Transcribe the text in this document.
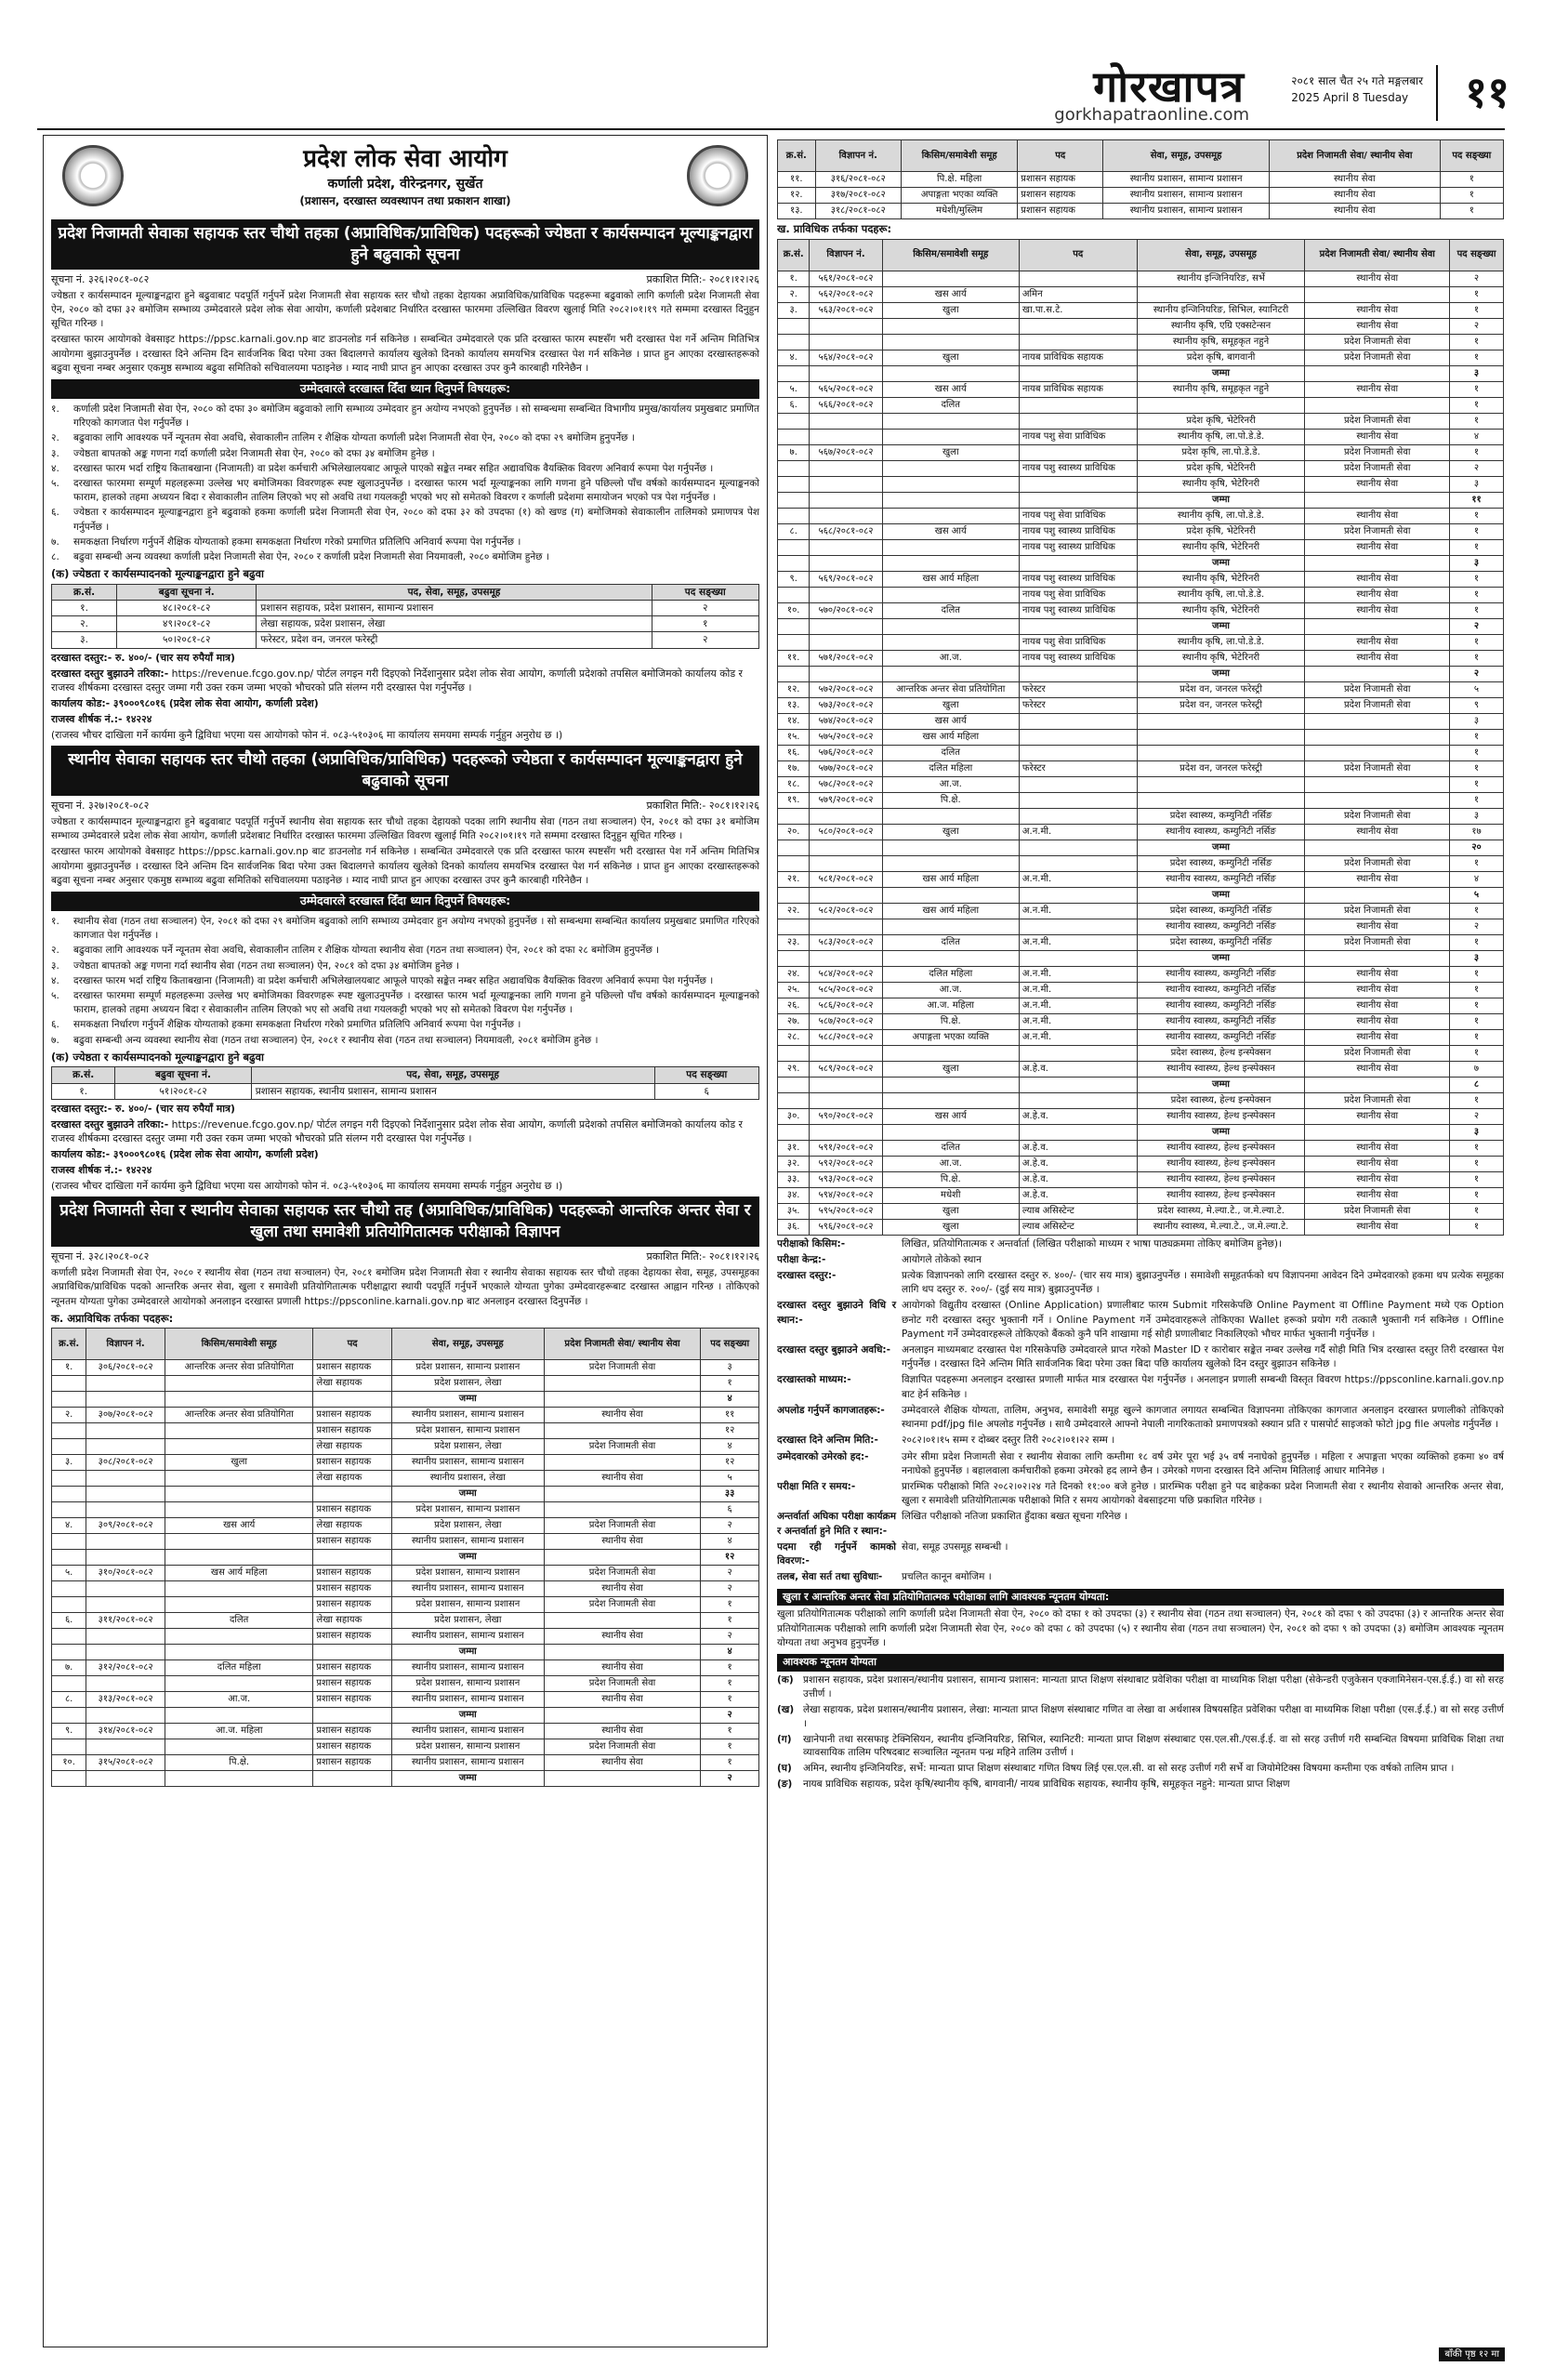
गोरखापत्र
gorkhapatraonline.com
२०८१ साल चैत २५ गते मङ्गलबार
2025 April 8 Tuesday	११
प्रदेश लोक सेवा आयोग
कर्णाली प्रदेश, वीरेन्द्रनगर, सुर्खेत
(प्रशासन, दरखास्त व्यवस्थापन तथा प्रकाशन शाखा)
प्रदेश निजामती सेवाका सहायक स्तर चौथो तहका (अप्राविधिक/प्राविधिक) पदहरूको ज्येष्ठता र कार्यसम्पादन मूल्याङ्कनद्वारा हुने बढुवाको सूचना
सूचना नं. ३२६।२०८१-०८२	प्रकाशित मिति:- २०८१।१२।२६
ज्येष्ठता र कार्यसम्पादन मूल्याङ्कनद्वारा हुने बढुवाबाट पदपूर्ति गर्नुपर्ने प्रदेश निजामती सेवा सहायक स्तर चौथो तहका देहायका अप्राविधिक/प्राविधिक पदहरूमा बढुवाको लागि कर्णाली प्रदेश निजामती सेवा ऐन, २०८० को दफा ३२ बमोजिम सम्भाव्य उम्मेदवारले प्रदेश लोक सेवा आयोग, कर्णाली प्रदेशबाट निर्धारित दरखास्त फारममा उल्लिखित विवरण खुलाई मिति २०८२।०१।१९ गते सम्ममा दरखास्त दिनुहुन सूचित गरिन्छ ।
दरखास्त फारम आयोगको वेबसाइट https://ppsc.karnali.gov.np बाट डाउनलोड गर्न सकिनेछ । सम्बन्धित उम्मेदवारले एक प्रति दरखास्त फारम स्पष्टसँग भरी दरखास्त पेश गर्ने अन्तिम मितिभित्र आयोगमा बुझाउनुपर्नेछ । दरखास्त दिने अन्तिम दिन सार्वजनिक बिदा परेमा उक्त बिदालगत्ते कार्यालय खुलेको दिनको कार्यालय समयभित्र दरखास्त पेश गर्न सकिनेछ । प्राप्त हुन आएका दरखास्तहरूको बढुवा सूचना नम्बर अनुसार एकमुष्ठ सम्भाव्य बढुवा समितिको सचिवालयमा पठाइनेछ । म्याद नाघी प्राप्त हुन आएका दरखास्त उपर कुनै कारबाही गरिनेछैन ।
उम्मेदवारले दरखास्त दिँदा ध्यान दिनुपर्ने विषयहरू:
१.	कर्णाली प्रदेश निजामती सेवा ऐन, २०८० को दफा ३० बमोजिम बढुवाको लागि सम्भाव्य उम्मेदवार हुन अयोग्य नभएको हुनुपर्नेछ । सो सम्बन्धमा सम्बन्धित विभागीय प्रमुख/कार्यालय प्रमुखबाट प्रमाणित गरिएको कागजात पेश गर्नुपर्नेछ ।
२.	बढुवाका लागि आवश्यक पर्ने न्यूनतम सेवा अवधि, सेवाकालीन तालिम र शैक्षिक योग्यता कर्णाली प्रदेश निजामती सेवा ऐन, २०८० को दफा २९ बमोजिम हुनुपर्नेछ ।
३.	ज्येष्ठता बापतको अङ्क गणना गर्दा कर्णाली प्रदेश निजामती सेवा ऐन, २०८० को दफा ३४ बमोजिम हुनेछ ।
४.	दरखास्त फारम भर्दा राष्ट्रिय किताबखाना (निजामती) वा प्रदेश कर्मचारी अभिलेखालयबाट आफूले पाएको सङ्केत नम्बर सहित अद्यावधिक वैयक्तिक विवरण अनिवार्य रूपमा पेश गर्नुपर्नेछ ।
५.	दरखास्त फारममा सम्पूर्ण महलहरूमा उल्लेख भए बमोजिमका विवरणहरू स्पष्ट खुलाउनुपर्नेछ । दरखास्त फारम भर्दा मूल्याङ्कनका लागि गणना हुने पछिल्लो पाँच वर्षको कार्यसम्पादन मूल्याङ्कनको फाराम, हालको तहमा अध्ययन बिदा र सेवाकालीन तालिम लिएको भए सो अवधि तथा गयलकट्टी भएको भए सो समेतको विवरण र कर्णाली प्रदेशमा समायोजन भएको पत्र पेश गर्नुपर्नेछ ।
६.	ज्येष्ठता र कार्यसम्पादन मूल्याङ्कनद्वारा हुने बढुवाको हकमा कर्णाली प्रदेश निजामती सेवा ऐन, २०८० को दफा ३२ को उपदफा (१) को खण्ड (ग) बमोजिमको सेवाकालीन तालिमको प्रमाणपत्र पेश गर्नुपर्नेछ ।
७.	समकक्षता निर्धारण गर्नुपर्ने शैक्षिक योग्यताको हकमा समकक्षता निर्धारण गरेको प्रमाणित प्रतिलिपि अनिवार्य रूपमा पेश गर्नुपर्नेछ ।
८.	बढुवा सम्बन्धी अन्य व्यवस्था कर्णाली प्रदेश निजामती सेवा ऐन, २०८० र कर्णाली प्रदेश निजामती सेवा नियमावली, २०८० बमोजिम हुनेछ ।
(क) ज्येष्ठता र कार्यसम्पादनको मूल्याङ्कनद्वारा हुने बढुवा
क्र.सं.	बढुवा सूचना नं.	पद, सेवा, समूह, उपसमूह	पद सङ्ख्या
१.	४८।२०८१-८२	प्रशासन सहायक, प्रदेश प्रशासन, सामान्य प्रशासन	२
२.	४९।२०८१-८२	लेखा सहायक, प्रदेश प्रशासन, लेखा	१
३.	५०।२०८१-८२	फरेस्टर, प्रदेश वन, जनरल फरेस्ट्री	२
दरखास्त दस्तुर:- रु. ४००/- (चार सय रुपैयाँ मात्र)
दरखास्त दस्तुर बुझाउने तरिका:- https://revenue.fcgo.gov.np/ पोर्टल लगइन गरी दिइएको निर्देशानुसार प्रदेश लोक सेवा आयोग, कर्णाली प्रदेशको तपसिल बमोजिमको कार्यालय कोड र राजस्व शीर्षकमा दरखास्त दस्तुर जम्मा गरी उक्त रकम जम्मा भएको भौचरको प्रति संलग्न गरी दरखास्त पेश गर्नुपर्नेछ ।
कार्यालय कोड:- ३९०००९८०१६ (प्रदेश लोक सेवा आयोग, कर्णाली प्रदेश)
राजस्व शीर्षक नं.:- १४२२४
(राजस्व भौचर दाखिला गर्ने कार्यमा कुनै द्विविधा भएमा यस आयोगको फोन नं. ०८३-५१०३०६ मा कार्यालय समयमा सम्पर्क गर्नुहुन अनुरोध छ ।)
स्थानीय सेवाका सहायक स्तर चौथो तहका (अप्राविधिक/प्राविधिक) पदहरूको ज्येष्ठता र कार्यसम्पादन मूल्याङ्कनद्वारा हुने बढुवाको सूचना
सूचना नं. ३२७।२०८१-०८२	प्रकाशित मिति:- २०८१।१२।२६
ज्येष्ठता र कार्यसम्पादन मूल्याङ्कनद्वारा हुने बढुवाबाट पदपूर्ति गर्नुपर्ने स्थानीय सेवा सहायक स्तर चौथो तहका देहायको पदका लागि स्थानीय सेवा (गठन तथा सञ्चालन) ऐन, २०८१ को दफा ३१ बमोजिम सम्भाव्य उम्मेदवारले प्रदेश लोक सेवा आयोग, कर्णाली प्रदेशबाट निर्धारित दरखास्त फारममा उल्लिखित विवरण खुलाई मिति २०८२।०१।१९ गते सम्ममा दरखास्त दिनुहुन सूचित गरिन्छ ।
दरखास्त फारम आयोगको वेबसाइट https://ppsc.karnali.gov.np बाट डाउनलोड गर्न सकिनेछ । सम्बन्धित उम्मेदवारले एक प्रति दरखास्त फारम स्पष्टसँग भरी दरखास्त पेश गर्ने अन्तिम मितिभित्र आयोगमा बुझाउनुपर्नेछ । दरखास्त दिने अन्तिम दिन सार्वजनिक बिदा परेमा उक्त बिदालगत्ते कार्यालय खुलेको दिनको कार्यालय समयभित्र दरखास्त पेश गर्न सकिनेछ । प्राप्त हुन आएका दरखास्तहरूको बढुवा सूचना नम्बर अनुसार एकमुष्ठ सम्भाव्य बढुवा समितिको सचिवालयमा पठाइनेछ । म्याद नाघी प्राप्त हुन आएका दरखास्त उपर कुनै कारबाही गरिनेछैन ।
उम्मेदवारले दरखास्त दिँदा ध्यान दिनुपर्ने विषयहरू:
१.	स्थानीय सेवा (गठन तथा सञ्चालन) ऐन, २०८१ को दफा २९ बमोजिम बढुवाको लागि सम्भाव्य उम्मेदवार हुन अयोग्य नभएको हुनुपर्नेछ । सो सम्बन्धमा सम्बन्धित कार्यालय प्रमुखबाट प्रमाणित गरिएको कागजात पेश गर्नुपर्नेछ ।
२.	बढुवाका लागि आवश्यक पर्ने न्यूनतम सेवा अवधि, सेवाकालीन तालिम र शैक्षिक योग्यता स्थानीय सेवा (गठन तथा सञ्चालन) ऐन, २०८१ को दफा २८ बमोजिम हुनुपर्नेछ ।
३.	ज्येष्ठता बापतको अङ्क गणना गर्दा स्थानीय सेवा (गठन तथा सञ्चालन) ऐन, २०८१ को दफा ३४ बमोजिम हुनेछ ।
४.	दरखास्त फारम भर्दा राष्ट्रिय किताबखाना (निजामती) वा प्रदेश कर्मचारी अभिलेखालयबाट आफूले पाएको सङ्केत नम्बर सहित अद्यावधिक वैयक्तिक विवरण अनिवार्य रूपमा पेश गर्नुपर्नेछ ।
५.	दरखास्त फारममा सम्पूर्ण महलहरूमा उल्लेख भए बमोजिमका विवरणहरू स्पष्ट खुलाउनुपर्नेछ । दरखास्त फारम भर्दा मूल्याङ्कनका लागि गणना हुने पछिल्लो पाँच वर्षको कार्यसम्पादन मूल्याङ्कनको फाराम, हालको तहमा अध्ययन बिदा र सेवाकालीन तालिम लिएको भए सो अवधि तथा गयलकट्टी भएको भए सो समेतको विवरण पेश गर्नुपर्नेछ ।
६.	समकक्षता निर्धारण गर्नुपर्ने शैक्षिक योग्यताको हकमा समकक्षता निर्धारण गरेको प्रमाणित प्रतिलिपि अनिवार्य रूपमा पेश गर्नुपर्नेछ ।
७.	बढुवा सम्बन्धी अन्य व्यवस्था स्थानीय सेवा (गठन तथा सञ्चालन) ऐन, २०८१ र स्थानीय सेवा (गठन तथा सञ्चालन) नियमावली, २०८१ बमोजिम हुनेछ ।
(क) ज्येष्ठता र कार्यसम्पादनको मूल्याङ्कनद्वारा हुने बढुवा
क्र.सं.	बढुवा सूचना नं.	पद, सेवा, समूह, उपसमूह	पद सङ्ख्या
१.	५१।२०८१-८२	प्रशासन सहायक, स्थानीय प्रशासन, सामान्य प्रशासन	६
दरखास्त दस्तुर:- रु. ४००/- (चार सय रुपैयाँ मात्र)
दरखास्त दस्तुर बुझाउने तरिका:- https://revenue.fcgo.gov.np/ पोर्टल लगइन गरी दिइएको निर्देशानुसार प्रदेश लोक सेवा आयोग, कर्णाली प्रदेशको तपसिल बमोजिमको कार्यालय कोड र राजस्व शीर्षकमा दरखास्त दस्तुर जम्मा गरी उक्त रकम जम्मा भएको भौचरको प्रति संलग्न गरी दरखास्त पेश गर्नुपर्नेछ ।
कार्यालय कोड:- ३९०००९८०१६ (प्रदेश लोक सेवा आयोग, कर्णाली प्रदेश)
राजस्व शीर्षक नं.:- १४२२४
(राजस्व भौचर दाखिला गर्ने कार्यमा कुनै द्विविधा भएमा यस आयोगको फोन नं. ०८३-५१०३०६ मा कार्यालय समयमा सम्पर्क गर्नुहुन अनुरोध छ ।)
प्रदेश निजामती सेवा र स्थानीय सेवाका सहायक स्तर चौथो तह (अप्राविधिक/प्राविधिक) पदहरूको आन्तरिक अन्तर सेवा र खुला तथा समावेशी प्रतियोगितात्मक परीक्षाको विज्ञापन
सूचना नं. ३२८।२०८१-०८२	प्रकाशित मिति:- २०८१।१२।२६
कर्णाली प्रदेश निजामती सेवा ऐन, २०८० र स्थानीय सेवा (गठन तथा सञ्चालन) ऐन, २०८१ बमोजिम प्रदेश निजामती सेवा र स्थानीय सेवाका सहायक स्तर चौथो तहका देहायका सेवा, समूह, उपसमूहका अप्राविधिक/प्राविधिक पदको आन्तरिक अन्तर सेवा, खुला र समावेशी प्रतियोगितात्मक परीक्षाद्वारा स्थायी पदपूर्ति गर्नुपर्ने भएकाले योग्यता पुगेका उम्मेदवारहरूबाट दरखास्त आह्वान गरिन्छ । तोकिएको न्यूनतम योग्यता पुगेका उम्मेदवारले आयोगको अनलाइन दरखास्त प्रणाली https://ppsconline.karnali.gov.np बाट अनलाइन दरखास्त दिनुपर्नेछ ।
क. अप्राविधिक तर्फका पदहरू:
क्र.सं.	विज्ञापन नं.	किसिम/समावेशी समूह	पद	सेवा, समूह, उपसमूह	प्रदेश निजामती सेवा/ स्थानीय सेवा	पद सङ्ख्या
१.	३०६/२०८१-०८२	आन्तरिक अन्तर सेवा प्रतियोगिता	प्रशासन सहायक	प्रदेश प्रशासन, सामान्य प्रशासन	प्रदेश निजामती सेवा	३
			लेखा सहायक	प्रदेश प्रशासन, लेखा		१
				जम्मा		४
२.	३०७/२०८१-०८२	आन्तरिक अन्तर सेवा प्रतियोगिता	प्रशासन सहायक	स्थानीय प्रशासन, सामान्य प्रशासन	स्थानीय सेवा	११
			प्रशासन सहायक	प्रदेश प्रशासन, सामान्य प्रशासन		१२
			लेखा सहायक	प्रदेश प्रशासन, लेखा	प्रदेश निजामती सेवा	४
३.	३०८/२०८१-०८२	खुला	प्रशासन सहायक	स्थानीय प्रशासन, सामान्य प्रशासन		१२
			लेखा सहायक	स्थानीय प्रशासन, लेखा	स्थानीय सेवा	५
				जम्मा		३३
			प्रशासन सहायक	प्रदेश प्रशासन, सामान्य प्रशासन		६
४.	३०९/२०८१-०८२	खस आर्य	लेखा सहायक	प्रदेश प्रशासन, लेखा	प्रदेश निजामती सेवा	२
			प्रशासन सहायक	स्थानीय प्रशासन, सामान्य प्रशासन	स्थानीय सेवा	४
				जम्मा		१२
५.	३१०/२०८१-०८२	खस आर्य महिला	प्रशासन सहायक	प्रदेश प्रशासन, सामान्य प्रशासन	प्रदेश निजामती सेवा	२
			प्रशासन सहायक	स्थानीय प्रशासन, सामान्य प्रशासन	स्थानीय सेवा	२
			प्रशासन सहायक	प्रदेश प्रशासन, सामान्य प्रशासन	प्रदेश निजामती सेवा	१
६.	३११/२०८१-०८२	दलित	लेखा सहायक	प्रदेश प्रशासन, लेखा		१
			प्रशासन सहायक	स्थानीय प्रशासन, सामान्य प्रशासन	स्थानीय सेवा	२
				जम्मा		४
७.	३१२/२०८१-०८२	दलित महिला	प्रशासन सहायक	स्थानीय प्रशासन, सामान्य प्रशासन	स्थानीय सेवा	१
			प्रशासन सहायक	प्रदेश प्रशासन, सामान्य प्रशासन	प्रदेश निजामती सेवा	१
८.	३१३/२०८१-०८२	आ.ज.	प्रशासन सहायक	स्थानीय प्रशासन, सामान्य प्रशासन	स्थानीय सेवा	१
				जम्मा		२
९.	३१४/२०८१-०८२	आ.ज. महिला	प्रशासन सहायक	स्थानीय प्रशासन, सामान्य प्रशासन	स्थानीय सेवा	१
			प्रशासन सहायक	प्रदेश प्रशासन, सामान्य प्रशासन	प्रदेश निजामती सेवा	१
१०.	३१५/२०८१-०८२	पि.क्षे.	प्रशासन सहायक	स्थानीय प्रशासन, सामान्य प्रशासन	स्थानीय सेवा	१
				जम्मा		२
क्र.सं.	विज्ञापन नं.	किसिम/समावेशी समूह	पद	सेवा, समूह, उपसमूह	प्रदेश निजामती सेवा/ स्थानीय सेवा	पद सङ्ख्या
११.	३१६/२०८१-०८२	पि.क्षे. महिला	प्रशासन सहायक	स्थानीय प्रशासन, सामान्य प्रशासन	स्थानीय सेवा	१
१२.	३१७/२०८१-०८२	अपाङ्गता भएका व्यक्ति	प्रशासन सहायक	स्थानीय प्रशासन, सामान्य प्रशासन	स्थानीय सेवा	१
१३.	३१८/२०८१-०८२	मधेशी/मुस्लिम	प्रशासन सहायक	स्थानीय प्रशासन, सामान्य प्रशासन	स्थानीय सेवा	१
ख. प्राविधिक तर्फका पदहरू:
क्र.सं.	विज्ञापन नं.	किसिम/समावेशी समूह	पद	सेवा, समूह, उपसमूह	प्रदेश निजामती सेवा/ स्थानीय सेवा	पद सङ्ख्या
१.	५६१/२०८१-०८२			स्थानीय इन्जिनियरिङ, सर्भे	स्थानीय सेवा	२
२.	५६२/२०८१-०८२	खस आर्य	अमिन			१
३.	५६३/२०८१-०८२	खुला	खा.पा.स.टे.	स्थानीय इन्जिनियरिङ, सिभिल, स्यानिटरी	स्थानीय सेवा	१
				स्थानीय कृषि, एग्रि एक्सटेन्सन	स्थानीय सेवा	२
				स्थानीय कृषि, समूहकृत नहुने	प्रदेश निजामती सेवा	१
४.	५६४/२०८१-०८२	खुला	नायब प्राविधिक सहायक	प्रदेश कृषि, बागवानी	प्रदेश निजामती सेवा	१
				जम्मा		३
५.	५६५/२०८१-०८२	खस आर्य	नायब प्राविधिक सहायक	स्थानीय कृषि, समूहकृत नहुने	स्थानीय सेवा	१
६.	५६६/२०८१-०८२	दलित				१
				प्रदेश कृषि, भेटेरिनरी	प्रदेश निजामती सेवा	१
			नायब पशु सेवा प्राविधिक	स्थानीय कृषि, ला.पो.डे.डे.	स्थानीय सेवा	४
७.	५६७/२०८१-०८२	खुला		प्रदेश कृषि, ला.पो.डे.डे.	प्रदेश निजामती सेवा	१
			नायब पशु स्वास्थ्य प्राविधिक	प्रदेश कृषि, भेटेरिनरी	प्रदेश निजामती सेवा	२
				स्थानीय कृषि, भेटेरिनरी	स्थानीय सेवा	३
				जम्मा		११
			नायब पशु सेवा प्राविधिक	स्थानीय कृषि, ला.पो.डे.डे.	स्थानीय सेवा	१
८.	५६८/२०८१-०८२	खस आर्य	नायब पशु स्वास्थ्य प्राविधिक	प्रदेश कृषि, भेटेरिनरी	प्रदेश निजामती सेवा	१
			नायब पशु स्वास्थ्य प्राविधिक	स्थानीय कृषि, भेटेरिनरी	स्थानीय सेवा	१
				जम्मा		३
९.	५६९/२०८१-०८२	खस आर्य महिला	नायब पशु स्वास्थ्य प्राविधिक	स्थानीय कृषि, भेटेरिनरी	स्थानीय सेवा	१
			नायब पशु सेवा प्राविधिक	स्थानीय कृषि, ला.पो.डे.डे.	स्थानीय सेवा	१
१०.	५७०/२०८१-०८२	दलित	नायब पशु स्वास्थ्य प्राविधिक	स्थानीय कृषि, भेटेरिनरी	स्थानीय सेवा	१
				जम्मा		२
			नायब पशु सेवा प्राविधिक	स्थानीय कृषि, ला.पो.डे.डे.	स्थानीय सेवा	१
११.	५७१/२०८१-०८२	आ.ज.	नायब पशु स्वास्थ्य प्राविधिक	स्थानीय कृषि, भेटेरिनरी	स्थानीय सेवा	१
				जम्मा		२
१२.	५७२/२०८१-०८२	आन्तरिक अन्तर सेवा प्रतियोगिता	फरेस्टर	प्रदेश वन, जनरल फरेस्ट्री	प्रदेश निजामती सेवा	५
१३.	५७३/२०८१-०८२	खुला	फरेस्टर	प्रदेश वन, जनरल फरेस्ट्री	प्रदेश निजामती सेवा	९
१४.	५७४/२०८१-०८२	खस आर्य				३
१५.	५७५/२०८१-०८२	खस आर्य महिला				१
१६.	५७६/२०८१-०८२	दलित				१
१७.	५७७/२०८१-०८२	दलित महिला	फरेस्टर	प्रदेश वन, जनरल फरेस्ट्री	प्रदेश निजामती सेवा	१
१८.	५७८/२०८१-०८२	आ.ज.				१
१९.	५७९/२०८१-०८२	पि.क्षे.				१
				प्रदेश स्वास्थ्य, कम्युनिटी नर्सिङ	प्रदेश निजामती सेवा	३
२०.	५८०/२०८१-०८२	खुला	अ.न.मी.	स्थानीय स्वास्थ्य, कम्युनिटी नर्सिङ	स्थानीय सेवा	१७
				जम्मा		२०
				प्रदेश स्वास्थ्य, कम्युनिटी नर्सिङ	प्रदेश निजामती सेवा	१
२१.	५८१/२०८१-०८२	खस आर्य महिला	अ.न.मी.	स्थानीय स्वास्थ्य, कम्युनिटी नर्सिङ	स्थानीय सेवा	४
				जम्मा		५
२२.	५८२/२०८१-०८२	खस आर्य महिला	अ.न.मी.	प्रदेश स्वास्थ्य, कम्युनिटी नर्सिङ	प्रदेश निजामती सेवा	१
				स्थानीय स्वास्थ्य, कम्युनिटी नर्सिङ	स्थानीय सेवा	२
२३.	५८३/२०८१-०८२	दलित	अ.न.मी.	प्रदेश स्वास्थ्य, कम्युनिटी नर्सिङ	प्रदेश निजामती सेवा	१
				जम्मा		३
२४.	५८४/२०८१-०८२	दलित महिला	अ.न.मी.	स्थानीय स्वास्थ्य, कम्युनिटी नर्सिङ	स्थानीय सेवा	१
२५.	५८५/२०८१-०८२	आ.ज.	अ.न.मी.	स्थानीय स्वास्थ्य, कम्युनिटी नर्सिङ	स्थानीय सेवा	१
२६.	५८६/२०८१-०८२	आ.ज. महिला	अ.न.मी.	स्थानीय स्वास्थ्य, कम्युनिटी नर्सिङ	स्थानीय सेवा	१
२७.	५८७/२०८१-०८२	पि.क्षे.	अ.न.मी.	स्थानीय स्वास्थ्य, कम्युनिटी नर्सिङ	स्थानीय सेवा	१
२८.	५८८/२०८१-०८२	अपाङ्गता भएका व्यक्ति	अ.न.मी.	स्थानीय स्वास्थ्य, कम्युनिटी नर्सिङ	स्थानीय सेवा	१
				प्रदेश स्वास्थ्य, हेल्थ इन्स्पेक्सन	प्रदेश निजामती सेवा	१
२९.	५८९/२०८१-०८२	खुला	अ.हे.व.	स्थानीय स्वास्थ्य, हेल्थ इन्स्पेक्सन	स्थानीय सेवा	७
				जम्मा		८
				प्रदेश स्वास्थ्य, हेल्थ इन्स्पेक्सन	प्रदेश निजामती सेवा	१
३०.	५९०/२०८१-०८२	खस आर्य	अ.हे.व.	स्थानीय स्वास्थ्य, हेल्थ इन्स्पेक्सन	स्थानीय सेवा	२
				जम्मा		३
३१.	५९१/२०८१-०८२	दलित	अ.हे.व.	स्थानीय स्वास्थ्य, हेल्थ इन्स्पेक्सन	स्थानीय सेवा	१
३२.	५९२/२०८१-०८२	आ.ज.	अ.हे.व.	स्थानीय स्वास्थ्य, हेल्थ इन्स्पेक्सन	स्थानीय सेवा	१
३३.	५९३/२०८१-०८२	पि.क्षे.	अ.हे.व.	स्थानीय स्वास्थ्य, हेल्थ इन्स्पेक्सन	स्थानीय सेवा	१
३४.	५९४/२०८१-०८२	मधेशी	अ.हे.व.	स्थानीय स्वास्थ्य, हेल्थ इन्स्पेक्सन	स्थानीय सेवा	१
३५.	५९५/२०८१-०८२	खुला	ल्याब असिस्टेन्ट	प्रदेश स्वास्थ्य, मे.ल्या.टे., ज.मे.ल्या.टे.	प्रदेश निजामती सेवा	१
३६.	५९६/२०८१-०८२	खुला	ल्याब असिस्टेन्ट	स्थानीय स्वास्थ्य, मे.ल्या.टे., ज.मे.ल्या.टे.	स्थानीय सेवा	१
परीक्षाको किसिम:-	लिखित, प्रतियोगितात्मक र अन्तर्वार्ता (लिखित परीक्षाको माध्यम र भाषा पाठ्यक्रममा तोकिए बमोजिम हुनेछ)।
परीक्षा केन्द्र:-	आयोगले तोकेको स्थान
दरखास्त दस्तुर:-	प्रत्येक विज्ञापनको लागि दरखास्त दस्तुर रु. ४००/- (चार सय मात्र) बुझाउनुपर्नेछ । समावेशी समूहतर्फको थप विज्ञापनमा आवेदन दिने उम्मेदवारको हकमा थप प्रत्येक समूहका लागि थप दस्तुर रु. २००/- (दुई सय मात्र) बुझाउनुपर्नेछ ।
दरखास्त दस्तुर बुझाउने विधि र स्थान:-
आयोगको विद्युतीय दरखास्त (Online Application) प्रणालीबाट फारम Submit गरिसकेपछि Online Payment वा Offline Payment मध्ये एक Option छनोट गरी दरखास्त दस्तुर भुक्तानी गर्ने । Online Payment गर्ने उम्मेदवारहरूले तोकिएका Wallet हरूको प्रयोग गरी तत्कालै भुक्तानी गर्न सकिनेछ । Offline Payment गर्ने उम्मेदवारहरूले तोकिएको बैंकको कुनै पनि शाखामा गई सोही प्रणालीबाट निकालिएको भौचर मार्फत भुक्तानी गर्नुपर्नेछ ।
दरखास्त दस्तुर बुझाउने अवधि:-	अनलाइन माध्यमबाट दरखास्त पेश गरिसकेपछि उम्मेदवारले प्राप्त गरेको Master ID र कारोबार सङ्केत नम्बर उल्लेख गर्दै सोही मिति भित्र दरखास्त दस्तुर तिरी दरखास्त पेश गर्नुपर्नेछ । दरखास्त दिने अन्तिम मिति सार्वजनिक बिदा परेमा उक्त बिदा पछि कार्यालय खुलेको दिन दस्तुर बुझाउन सकिनेछ ।
दरखास्तको माध्यम:-	विज्ञापित पदहरूमा अनलाइन दरखास्त प्रणाली मार्फत मात्र दरखास्त पेश गर्नुपर्नेछ । अनलाइन प्रणाली सम्बन्धी विस्तृत विवरण https://ppsconline.karnali.gov.np बाट हेर्न सकिनेछ ।
अपलोड गर्नुपर्ने कागजातहरू:-	उम्मेदवारले शैक्षिक योग्यता, तालिम, अनुभव, समावेशी समूह खुल्ने कागजात लगायत सम्बन्धित विज्ञापनमा तोकिएका कागजात अनलाइन दरखास्त प्रणालीको तोकिएको स्थानमा pdf/jpg file अपलोड गर्नुपर्नेछ । साथै उम्मेदवारले आफ्नो नेपाली नागरिकताको प्रमाणपत्रको स्क्यान प्रति र पासपोर्ट साइजको फोटो jpg file अपलोड गर्नुपर्नेछ ।
दरखास्त दिने अन्तिम मिति:-	२०८२।०१।१५ सम्म र दोब्बर दस्तुर तिरी २०८२।०१।२२ सम्म ।
उम्मेदवारको उमेरको हद:-	उमेर सीमा प्रदेश निजामती सेवा र स्थानीय सेवाका लागि कम्तीमा १८ वर्ष उमेर पूरा भई ३५ वर्ष ननाघेको हुनुपर्नेछ । महिला र अपाङ्गता भएका व्यक्तिको हकमा ४० वर्ष ननाघेको हुनुपर्नेछ । बहालवाला कर्मचारीको हकमा उमेरको हद लाग्ने छैन । उमेरको गणना दरखास्त दिने अन्तिम मितिलाई आधार मानिनेछ ।
परीक्षा मिति र समय:-	प्रारम्भिक परीक्षाको मिति २०८२।०२।२४ गते दिनको ११:०० बजे हुनेछ । प्रारम्भिक परीक्षा हुने पद बाहेकका प्रदेश निजामती सेवा र स्थानीय सेवाको आन्तरिक अन्तर सेवा, खुला र समावेशी प्रतियोगितात्मक परीक्षाको मिति र समय आयोगको वेबसाइटमा पछि प्रकाशित गरिनेछ ।
अन्तर्वार्ता अघिका परीक्षा कार्यक्रम र अन्तर्वार्ता हुने मिति र स्थान:-
लिखित परीक्षाको नतिजा प्रकाशित हुँदाका बखत सूचना गरिनेछ ।
पदमा रही गर्नुपर्ने कामको विवरण:-
सेवा, समूह उपसमूह सम्बन्धी ।
तलब, सेवा सर्त तथा सुविधाः-	प्रचलित कानून बमोजिम ।
खुला र आन्तरिक अन्तर सेवा प्रतियोगितात्मक परीक्षाका लागि आवश्यक न्यूनतम योग्यता:
खुला प्रतियोगितात्मक परीक्षाको लागि कर्णाली प्रदेश निजामती सेवा ऐन, २०८० को दफा १ को उपदफा (३) र स्थानीय सेवा (गठन तथा सञ्चालन) ऐन, २०८१ को दफा ९ को उपदफा (३) र आन्तरिक अन्तर सेवा प्रतियोगितात्मक परीक्षाको लागि कर्णाली प्रदेश निजामती सेवा ऐन, २०८० को दफा ८ को उपदफा (५) र स्थानीय सेवा (गठन तथा सञ्चालन) ऐन, २०८१ को दफा ९ को उपदफा (३) बमोजिम आवश्यक न्यूनतम योग्यता तथा अनुभव हुनुपर्नेछ ।
आवश्यक न्यूनतम योग्यता
(क) प्रशासन सहायक, प्रदेश प्रशासन/स्थानीय प्रशासन, सामान्य प्रशासन: मान्यता प्राप्त शिक्षण संस्थाबाट प्रवेशिका परीक्षा वा माध्यमिक शिक्षा परीक्षा (सेकेन्डरी एजुकेसन एक्जामिनेसन-एस.ई.ई.) वा सो सरह उत्तीर्ण ।
(ख) लेखा सहायक, प्रदेश प्रशासन/स्थानीय प्रशासन, लेखा: मान्यता प्राप्त शिक्षण संस्थाबाट गणित वा लेखा वा अर्थशास्त्र विषयसहित प्रवेशिका परीक्षा वा माध्यमिक शिक्षा परीक्षा (एस.ई.ई.) वा सो सरह उत्तीर्ण ।
(ग)	खानेपानी तथा सरसफाइ टेक्निसियन, स्थानीय इन्जिनियरिङ, सिभिल, स्यानिटरी: मान्यता प्राप्त शिक्षण संस्थाबाट एस.एल.सी./एस.ई.ई. वा सो सरह उत्तीर्ण गरी सम्बन्धित विषयमा प्राविधिक शिक्षा तथा व्यावसायिक तालिम परिषदबाट सञ्चालित न्यूनतम पन्ध्र महिने तालिम उत्तीर्ण ।
(घ)	अमिन, स्थानीय इन्जिनियरिङ, सर्भे: मान्यता प्राप्त शिक्षण संस्थाबाट गणित विषय लिई एस.एल.सी. वा सो सरह उत्तीर्ण गरी सर्भे वा जियोमेटिक्स विषयमा कम्तीमा एक वर्षको तालिम प्राप्त ।
(ङ)	नायब प्राविधिक सहायक, प्रदेश कृषि/स्थानीय कृषि, बागवानी/ नायब प्राविधिक सहायक, स्थानीय कृषि, समूहकृत नहुने: मान्यता प्राप्त शिक्षण
बाँकी पृष्ठ १२ मा
